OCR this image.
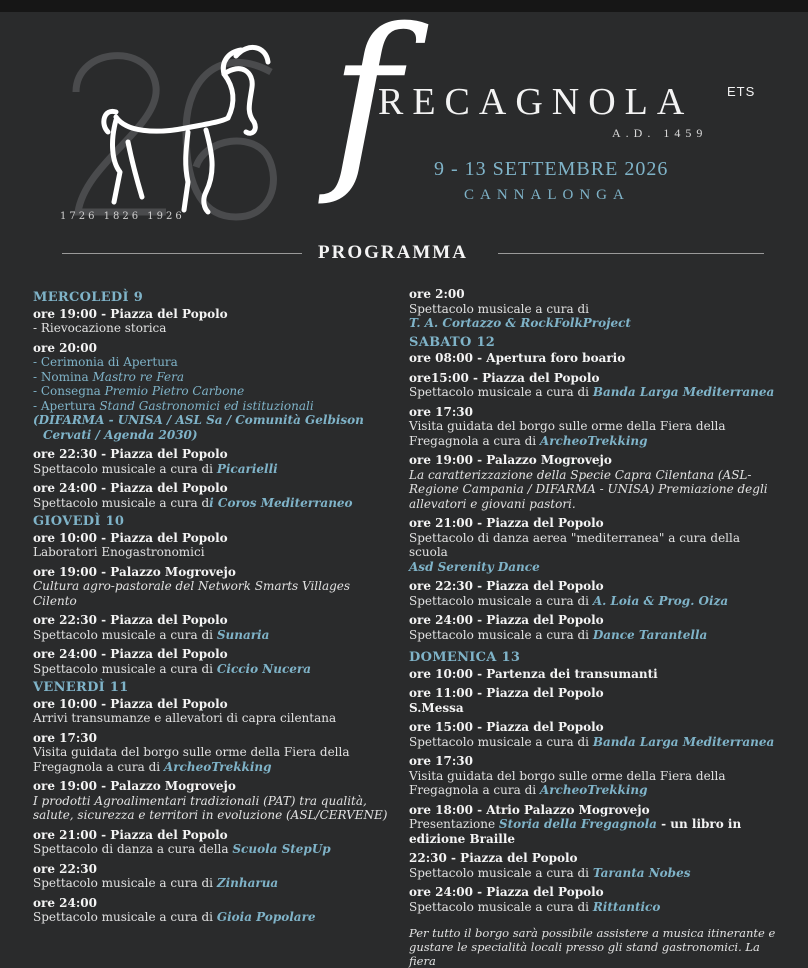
1726 1826 1926
f
RECAGNOLA	ETS
A.D. 1459
9 - 13 SETTEMBRE 2026
CANNALONGA
PROGRAMMA
MERCOLEDÌ 9
ore 19:00 - Piazza del Popolo
- Rievocazione storica
ore 20:00
- Cerimonia di Apertura
- Nomina Mastro re Fera
- Consegna Premio Pietro Carbone
- Apertura Stand Gastronomici ed istituzionali
(DIFARMA - UNISA / ASL Sa / Comunità Gelbison Cervati / Agenda 2030)
ore 22:30 - Piazza del Popolo
Spettacolo musicale a cura di Picarielli
ore 24:00 - Piazza del Popolo
Spettacolo musicale a cura di Coros Mediterraneo
GIOVEDÌ 10
ore 10:00 - Piazza del Popolo
Laboratori Enogastronomici
ore 19:00 - Palazzo Mogrovejo
Cultura agro-pastorale del Network Smarts Villages Cilento
ore 22:30 - Piazza del Popolo
Spettacolo musicale a cura di Sunaria
ore 24:00 - Piazza del Popolo
Spettacolo musicale a cura di Ciccio Nucera
VENERDÌ 11
ore 10:00 - Piazza del Popolo
Arrivi transumanze e allevatori di capra cilentana
ore 17:30
Visita guidata del borgo sulle orme della Fiera della Fregagnola a cura di ArcheoTrekking
ore 19:00 - Palazzo Mogrovejo
I prodotti Agroalimentari tradizionali (PAT) tra qualità, salute, sicurezza e territori in evoluzione (ASL/CERVENE)
ore 21:00 - Piazza del Popolo
Spettacolo di danza a cura della Scuola StepUp
ore 22:30
Spettacolo musicale a cura di Zinharua
ore 24:00
Spettacolo musicale a cura di Gioia Popolare
ore 2:00
Spettacolo musicale a cura di
T. A. Cortazzo & RockFolkProject
SABATO 12
ore 08:00 - Apertura foro boario
ore15:00 - Piazza del Popolo
Spettacolo musicale a cura di Banda Larga Mediterranea
ore 17:30
Visita guidata del borgo sulle orme della Fiera della Fregagnola a cura di ArcheoTrekking
ore 19:00 - Palazzo Mogrovejo
La caratterizzazione della Specie Capra Cilentana (ASL-Regione Campania / DIFARMA - UNISA) Premiazione degli allevatori e giovani pastori.
ore 21:00 - Piazza del Popolo
Spettacolo di danza aerea "mediterranea" a cura della scuola
Asd Serenity Dance
ore 22:30 - Piazza del Popolo
Spettacolo musicale a cura di A. Loia & Prog. Oiza
ore 24:00 - Piazza del Popolo
Spettacolo musicale a cura di Dance Tarantella
DOMENICA 13
ore 10:00 - Partenza dei transumanti
ore 11:00 - Piazza del Popolo
S.Messa
ore 15:00 - Piazza del Popolo
Spettacolo musicale a cura di Banda Larga Mediterranea
ore 17:30
Visita guidata del borgo sulle orme della Fiera della Fregagnola a cura di ArcheoTrekking
ore 18:00 - Atrio Palazzo Mogrovejo
Presentazione Storia della Fregagnola - un libro in edizione Braille
22:30 - Piazza del Popolo
Spettacolo musicale a cura di Taranta Nobes
ore 24:00 - Piazza del Popolo
Spettacolo musicale a cura di Rittantico
Per tutto il borgo sarà possibile assistere a musica itinerante e gustare le specialità locali presso gli stand gastronomici. La fiera
